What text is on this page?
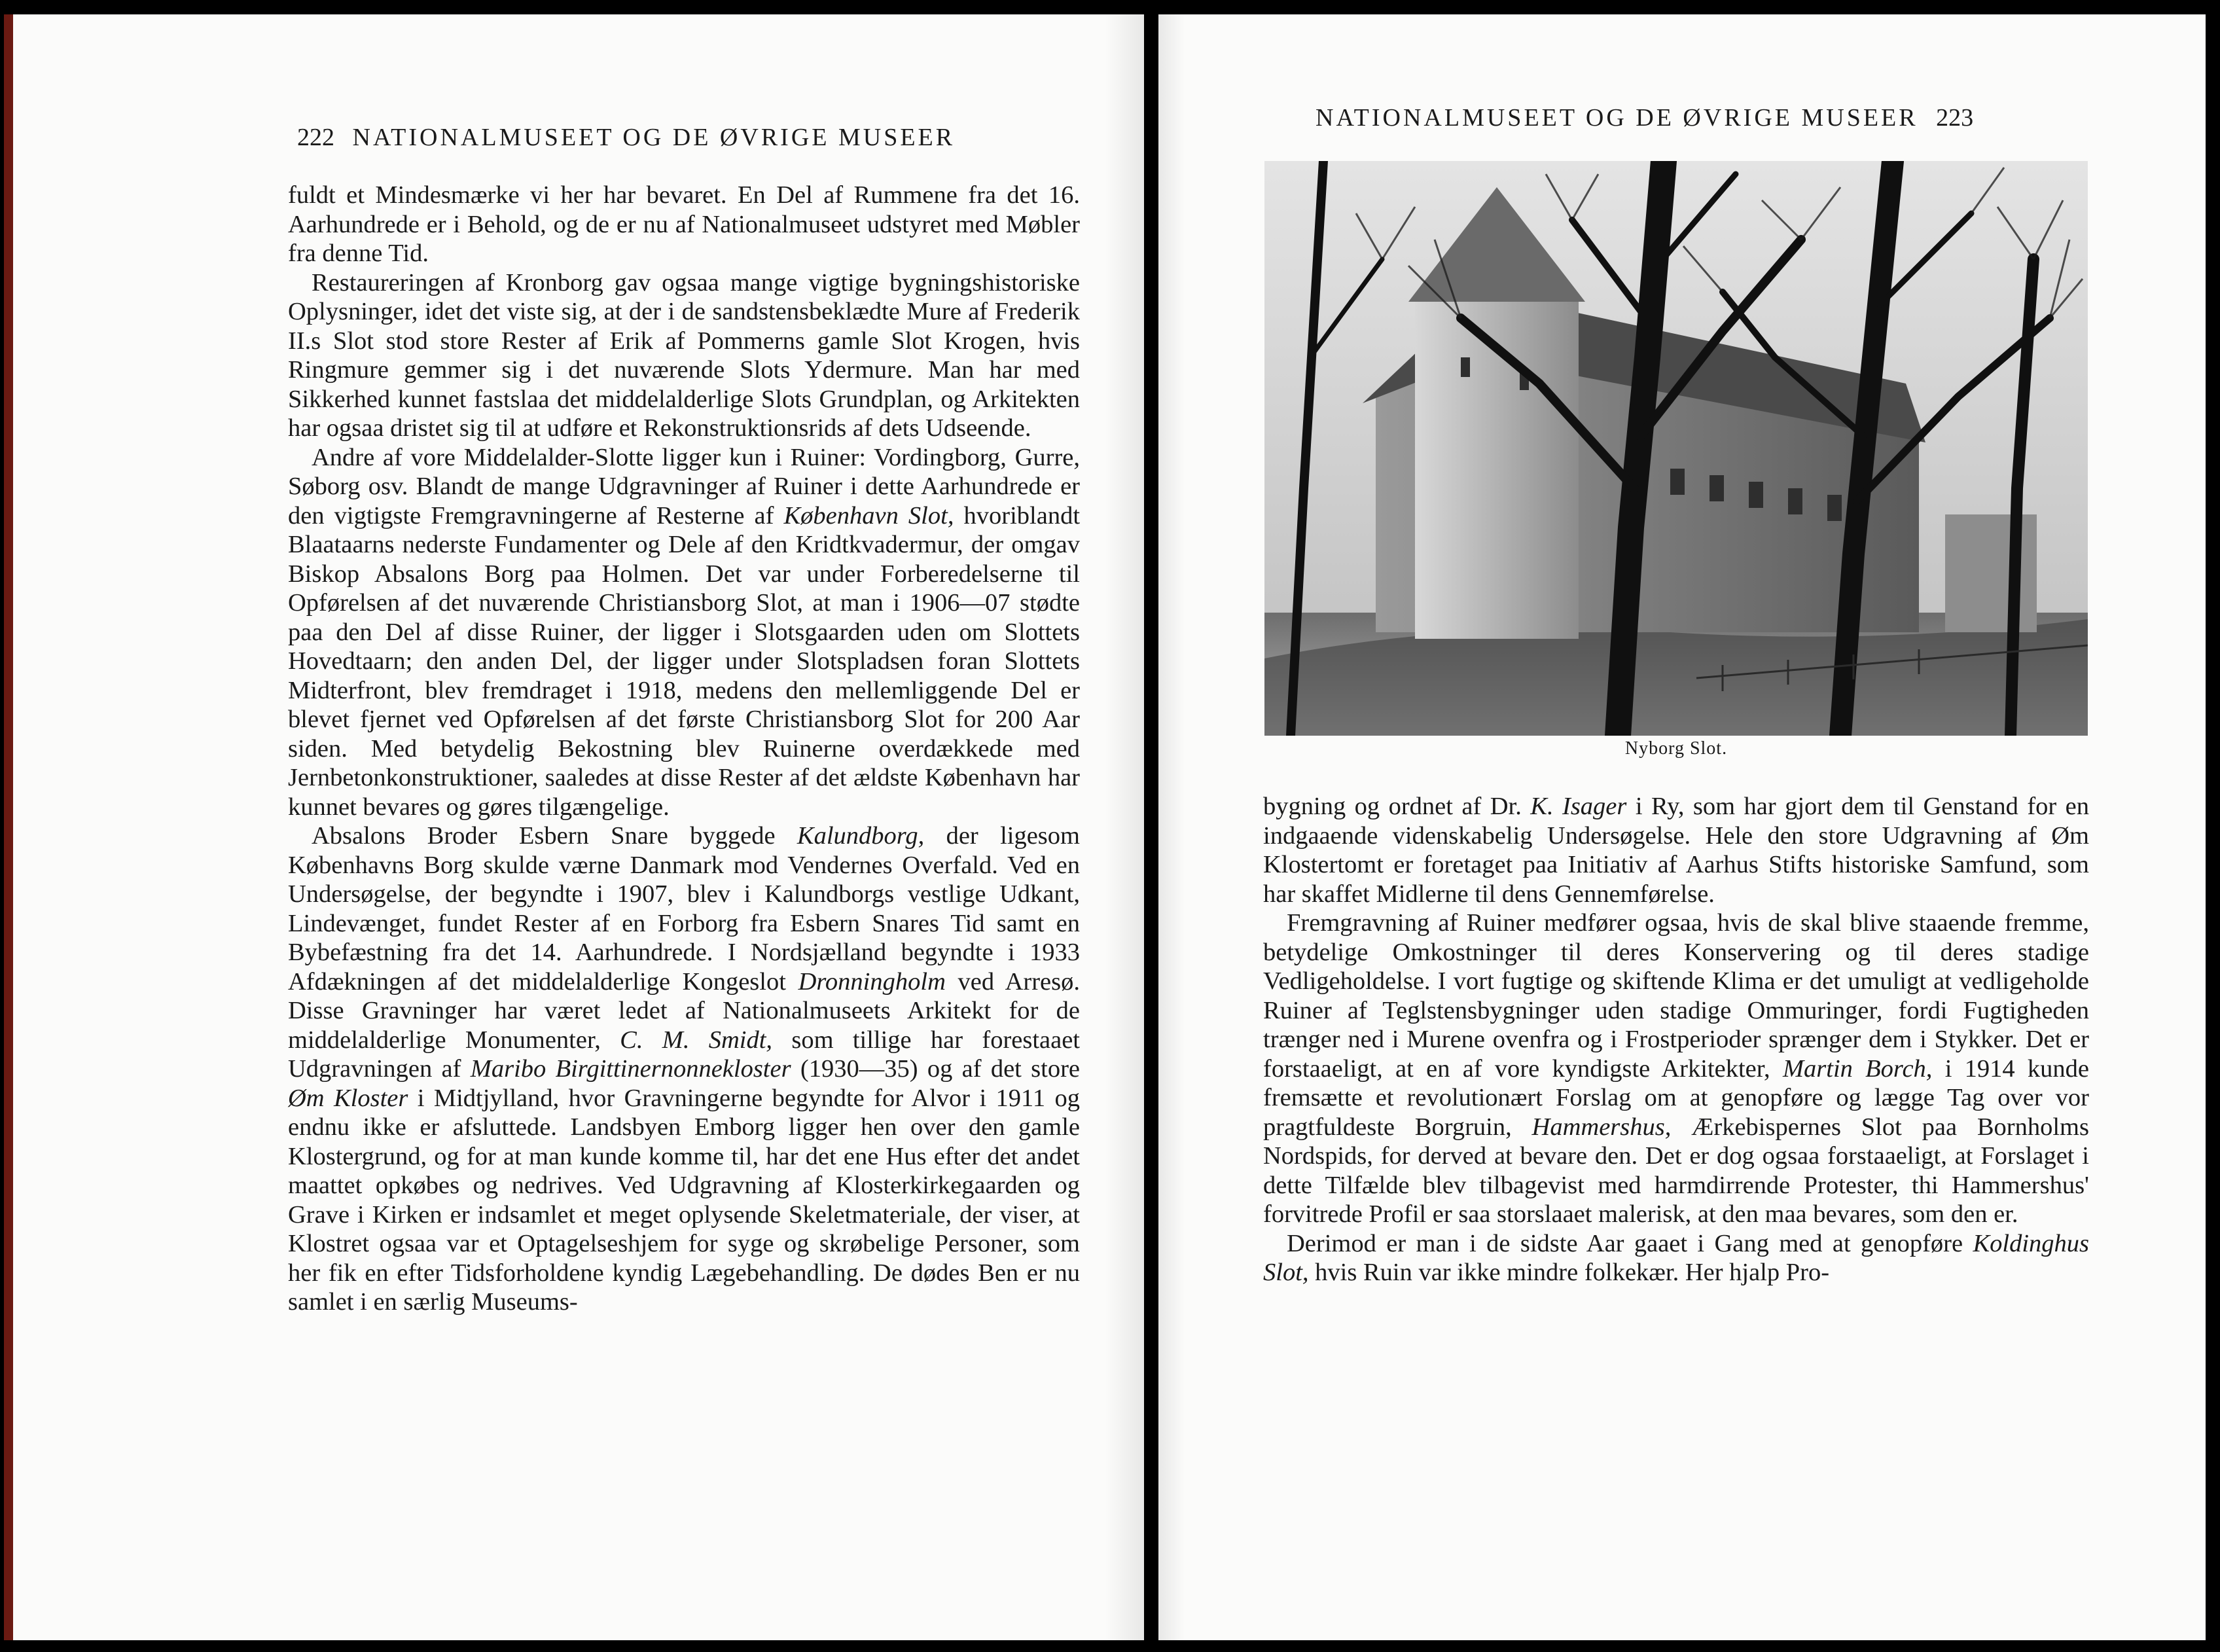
222 NATIONALMUSEET OG DE ØVRIGE MUSEER

fuldt et Mindesmærke vi her har bevaret. En Del af Rummene fra det 16. Aarhundrede er i Behold, og de er nu af Nationalmuseet udstyret med Møbler fra denne Tid.

Restaureringen af Kronborg gav ogsaa mange vigtige bygningshistoriske Oplysninger, idet det viste sig, at der i de sandstensbeklædte Mure af Frederik II.s Slot stod store Rester af Erik af Pommerns gamle Slot Krogen, hvis Ringmure gemmer sig i det nuværende Slots Ydermure. Man har med Sikkerhed kunnet fastslaa det middelalderlige Slots Grundplan, og Arkitekten har ogsaa dristet sig til at udføre et Rekonstruktionsrids af dets Udseende.

Andre af vore Middelalder-Slotte ligger kun i Ruiner: Vordingborg, Gurre, Søborg osv. Blandt de mange Udgravninger af Ruiner i dette Aarhundrede er den vigtigste Fremgravningerne af Resterne af København Slot, hvoriblandt Blaataarns nederste Fundamenter og Dele af den Kridtkvadermur, der omgav Biskop Absalons Borg paa Holmen. Det var under Forberedelserne til Opførelsen af det nuværende Christiansborg Slot, at man i 1906—07 stødte paa den Del af disse Ruiner, der ligger i Slotsgaarden uden om Slottets Hovedtaarn; den anden Del, der ligger under Slotspladsen foran Slottets Midterfront, blev fremdraget i 1918, medens den mellemliggende Del er blevet fjernet ved Opførelsen af det første Christiansborg Slot for 200 Aar siden. Med betydelig Bekostning blev Ruinerne overdækkede med Jernbetonkonstruktioner, saaledes at disse Rester af det ældste København har kunnet bevares og gøres tilgængelige.

Absalons Broder Esbern Snare byggede Kalundborg, der ligesom Københavns Borg skulde værne Danmark mod Vendernes Overfald. Ved en Undersøgelse, der begyndte i 1907, blev i Kalundborgs vestlige Udkant, Lindevænget, fundet Rester af en Forborg fra Esbern Snares Tid samt en Bybefæstning fra det 14. Aarhundrede. I Nordsjælland begyndte i 1933 Afdækningen af det middelalderlige Kongeslot Dronningholm ved Arresø. Disse Gravninger har været ledet af Nationalmuseets Arkitekt for de middelalderlige Monumenter, C. M. Smidt, som tillige har forestaaet Udgravningen af Maribo Birgittinernonnekloster (1930—35) og af det store Øm Kloster i Midtjylland, hvor Gravningerne begyndte for Alvor i 1911 og endnu ikke er afsluttede. Landsbyen Emborg ligger hen over den gamle Klostergrund, og for at man kunde komme til, har det ene Hus efter det andet maattet opkøbes og nedrives. Ved Udgravning af Klosterkirkegaarden og Grave i Kirken er indsamlet et meget oplysende Skeletmateriale, der viser, at Klostret ogsaa var et Optagelseshjem for syge og skrøbelige Personer, som her fik en efter Tidsforholdene kyndig Lægebehandling. De dødes Ben er nu samlet i en særlig Museums-

NATIONALMUSEET OG DE ØVRIGE MUSEER 223
Nyborg Slot.

bygning og ordnet af Dr. K. Isager i Ry, som har gjort dem til Genstand for en indgaaende videnskabelig Undersøgelse. Hele den store Udgravning af Øm Klostertomt er foretaget paa Initiativ af Aarhus Stifts historiske Samfund, som har skaffet Midlerne til dens Gennemførelse.

Fremgravning af Ruiner medfører ogsaa, hvis de skal blive staaende fremme, betydelige Omkostninger til deres Konservering og til deres stadige Vedligeholdelse. I vort fugtige og skiftende Klima er det umuligt at vedligeholde Ruiner af Teglstensbygninger uden stadige Ommuringer, fordi Fugtigheden trænger ned i Murene ovenfra og i Frostperioder sprænger dem i Stykker. Det er forstaaeligt, at en af vore kyndigste Arkitekter, Martin Borch, i 1914 kunde fremsætte et revolutionært Forslag om at genopføre og lægge Tag over vor pragtfuldeste Borgruin, Hammershus, Ærkebispernes Slot paa Bornholms Nordspids, for derved at bevare den. Det er dog ogsaa forstaaeligt, at Forslaget i dette Tilfælde blev tilbagevist med harmdirrende Protester, thi Hammershus' forvitrede Profil er saa storslaaet malerisk, at den maa bevares, som den er.

Derimod er man i de sidste Aar gaaet i Gang med at genopføre Koldinghus Slot, hvis Ruin var ikke mindre folkekær. Her hjalp Pro-
